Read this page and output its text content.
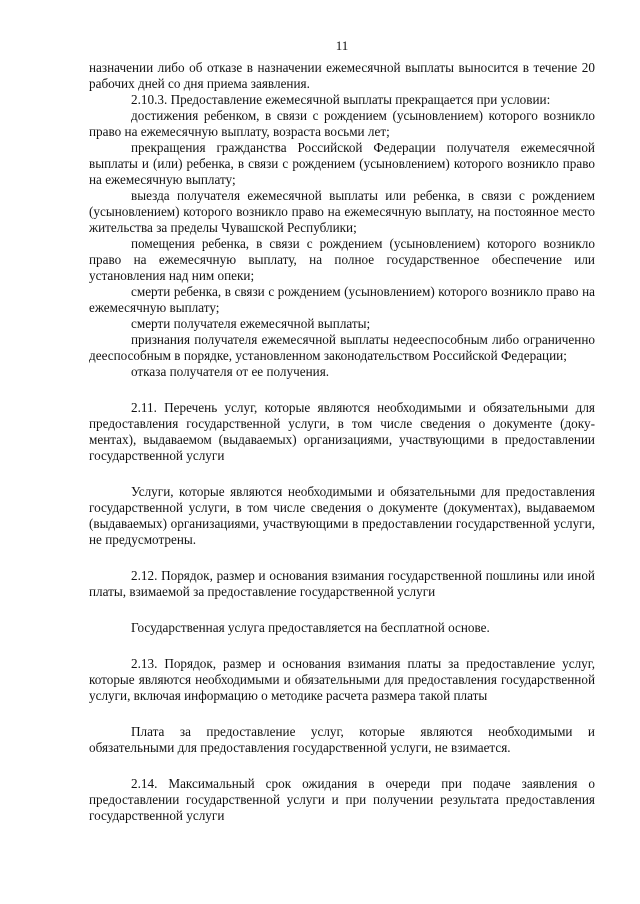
11

назначении либо об отказе в назначении ежемесячной выплаты выносится в течение 20 рабочих дней со дня приема заявления.

2.10.3. Предоставление ежемесячной выплаты прекращается при условии:

достижения ребенком, в связи с рождением (усыновлением) которого возникло право на ежемесячную выплату, возраста восьми лет;

прекращения гражданства Российской Федерации получателя ежемесячной выплаты и (или) ребенка, в связи с рождением (усыновлением) которого возникло право на ежемесячную выплату;

выезда получателя ежемесячной выплаты или ребенка, в связи с рождением (усыновлением) которого возникло право на ежемесячную выплату, на постоянное место жительства за пределы Чувашской Республики;

помещения ребенка, в связи с рождением (усыновлением) которого возникло право на ежемесячную выплату, на полное государственное обеспечение или установления над ним опеки;

смерти ребенка, в связи с рождением (усыновлением) которого возникло право на ежемесячную выплату;

смерти получателя ежемесячной выплаты;

признания получателя ежемесячной выплаты недееспособным либо ограниченно дееспособным в порядке, установленном законодательством Российской Федерации;

отказа получателя от ее получения.

2.11. Перечень услуг, которые являются необходимыми и обязательными для предоставления государственной услуги, в том числе сведения о документе (документах), выдаваемом (выдаваемых) организациями, участвующими в предоставлении государственной услуги

Услуги, которые являются необходимыми и обязательными для предоставления государственной услуги, в том числе сведения о документе (документах), выдаваемом (выдаваемых) организациями, участвующими в предоставлении государственной услуги, не предусмотрены.

2.12. Порядок, размер и основания взимания государственной пошлины или иной платы, взимаемой за предоставление государственной услуги

Государственная услуга предоставляется на бесплатной основе.

2.13. Порядок, размер и основания взимания платы за предоставление услуг, которые являются необходимыми и обязательными для предоставления государственной услуги, включая информацию о методике расчета размера такой платы

Плата за предоставление услуг, которые являются необходимыми и обязательными для предоставления государственной услуги, не взимается.

2.14. Максимальный срок ожидания в очереди при подаче заявления о предоставлении государственной услуги и при получении результата предоставления государственной услуги
